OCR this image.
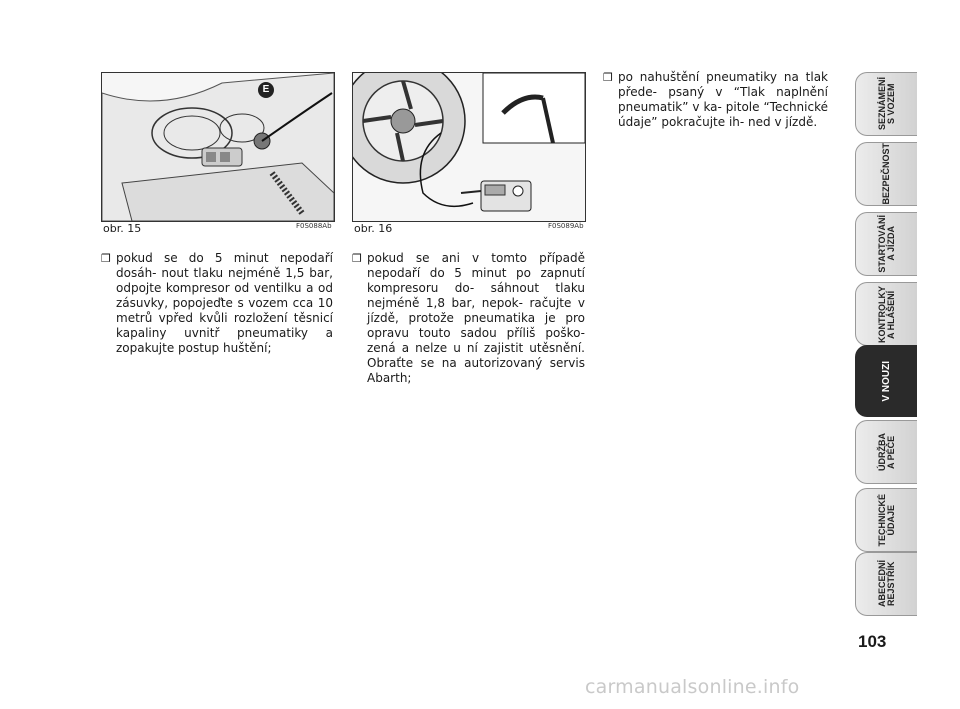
E
obr. 15	F0S088Ab obr. 16	F0S089Ab
❒ pokud se do 5 minut nepodaří dosáh- nout tlaku nejméně 1,5 bar, odpojte kompresor od ventilku a od zásuvky, popojeďte s vozem cca 10 metrů vpřed kvůli rozložení těsnicí kapaliny uvnitř pneumatiky a zopakujte postup huštění;
❒ pokud se ani v tomto případě nepodaří do 5 minut po zapnutí kompresoru do- sáhnout tlaku nejméně 1,8 bar, nepok- račujte v jízdě, protože pneumatika je pro opravu touto sadou příliš poško- zená a nelze u ní zajistit utěsnění. Obraťte se na autorizovaný servis Abarth;
❒ po nahuštění pneumatiky na tlak přede- psaný v “Tlak naplnění pneumatik” v ka- pitole “Technické údaje” pokračujte ih- ned v jízdě.	SEZNÁMENÍ
S VOZEM
BEZPEČNOST
STARTOVÁNÍ
A JÍZDA
KONTROLKY
A HLÁŠENÍ
V NOUZI
ÚDRŽBA
A PÉČE
TECHNICKÉ
ÚDAJE
ABECEDNÍ
REJSTŘÍK
103
carmanualsonline.info
